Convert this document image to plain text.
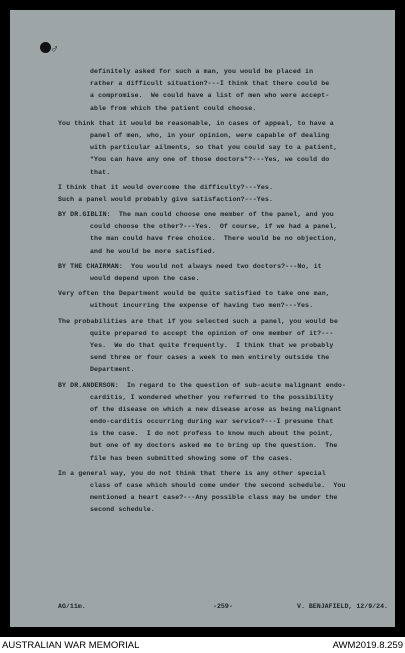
♂
definitely asked for such a man, you would be placed in
rather a difficult situation?---I think that there could be
a compromise.  We could have a list of men who were accept-
able from which the patient could choose.
You think that it would be reasonable, in cases of appeal, to have a
panel of men, who, in your opinion, were capable of dealing
with particular ailments, so that you could say to a patient,
"You can have any one of those doctors"?---Yes, we could do
that.
I think that it would overcome the difficulty?---Yes.
Such a panel would probably give satisfaction?---Yes.
BY DR.GIBLIN:  The man could choose one member of the panel, and you
could choose the other?---Yes.  Of course, if we had a panel,
the man could have free choice.  There would be no objection,
and he would be more satisfied.
BY THE CHAIRMAN:  You would not always need two doctors?---No, it
would depend upon the case.
Very often the Department would be quite satisfied to take one man,
without incurring the expense of having two men?---Yes.
The probabilities are that if you selected such a panel, you would be
quite prepared to accept the opinion of one member of it?---
Yes.  We do that quite frequently.  I think that we probably
send three or four cases a week to men entirely outside the
Department.
BY DR.ANDERSON:  In regard to the question of sub-acute malignant endo-
carditis, I wondered whether you referred to the possibility
of the disease on which a new disease arose as being malignant
endo-carditis occurring during war service?---I presume that
is the case.  I do not profess to know much about the point,
but one of my doctors asked me to bring up the question.  The
file has been submitted showing some of the cases.
In a general way, you do not think that there is any other special
class of case which should come under the second schedule.  You
mentioned a heart case?---Any possible class may be under the
second schedule.
AG/11m.	-259-	V. BENJAFIELD, 12/9/24.
AUSTRALIAN WAR MEMORIAL	AWM2019.8.259
